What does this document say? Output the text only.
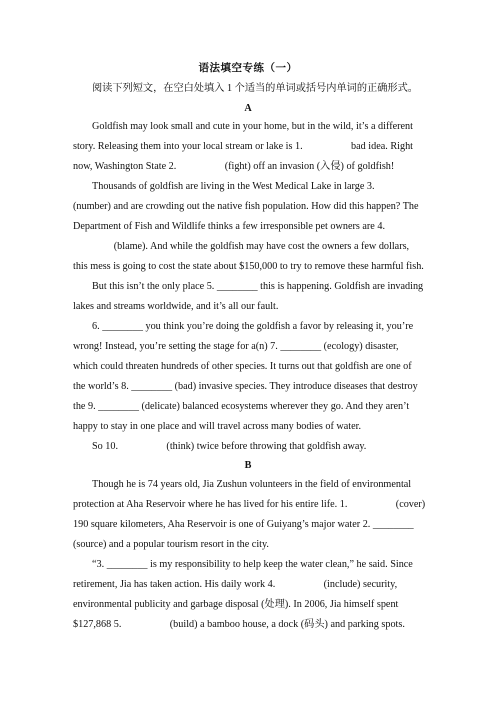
语法填空专练（一）
阅读下列短文，在空白处填入 1 个适当的单词或括号内单词的正确形式。
A
Goldfish may look small and cute in your home, but in the wild, it’s a different
story. Releasing them into your local stream or lake is 1.                   bad idea. Right
now, Washington State 2.                   (fight) off an invasion (入侵) of goldfish!
Thousands of goldfish are living in the West Medical Lake in large 3.
(number) and are crowding out the native fish population. How did this happen? The
Department of Fish and Wildlife thinks a few irresponsible pet owners are 4.
(blame). And while the goldfish may have cost the owners a few dollars,
this mess is going to cost the state about $150,000 to try to remove these harmful fish.
But this isn’t the only place 5. ________ this is happening. Goldfish are invading
lakes and streams worldwide, and it’s all our fault.
6. ________ you think you’re doing the goldfish a favor by releasing it, you’re
wrong! Instead, you’re setting the stage for a(n) 7. ________ (ecology) disaster,
which could threaten hundreds of other species. It turns out that goldfish are one of
the world’s 8. ________ (bad) invasive species. They introduce diseases that destroy
the 9. ________ (delicate) balanced ecosystems wherever they go. And they aren’t
happy to stay in one place and will travel across many bodies of water.
So 10.                   (think) twice before throwing that goldfish away.
B
Though he is 74 years old, Jia Zushun volunteers in the field of environmental
protection at Aha Reservoir where he has lived for his entire life. 1.                   (cover)
190 square kilometers, Aha Reservoir is one of Guiyang’s major water 2. ________
(source) and a popular tourism resort in the city.
“3. ________ is my responsibility to help keep the water clean,” he said. Since
retirement, Jia has taken action. His daily work 4.                   (include) security,
environmental publicity and garbage disposal (处理). In 2006, Jia himself spent
$127,868 5.                   (build) a bamboo house, a dock (码头) and parking spots.
